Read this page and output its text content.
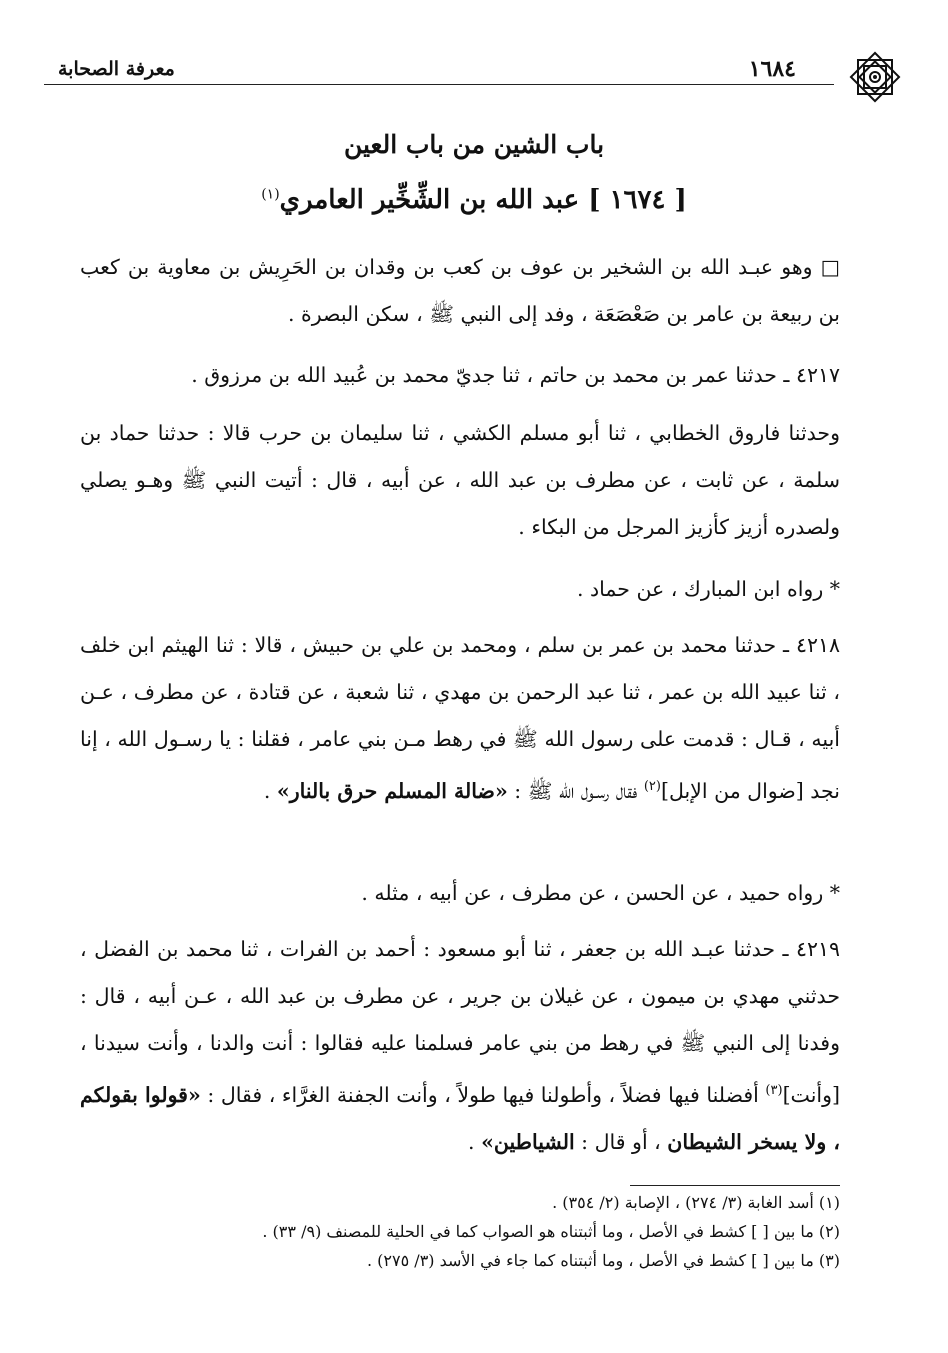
معرفة الصحابة	١٦٨٤
باب الشين من باب العين
[ ١٦٧٤ ] عبد الله بن الشِّخِّير العامري$^{(١)}$

□ وهو عبـد الله بن الشخير بن عوف بن كعب بن وقدان بن الحَرِيش بن معاوية بن كعب بن ربيعة بن عامر بن صَعْصَعَة ، وفد إلى النبي ﷺ ، سكن البصرة .

٤٢١٧ ـ حدثنا عمر بن محمد بن حاتم ، ثنا جديّ محمد بن عُبيد الله بن مرزوق .

وحدثنا فاروق الخطابي ، ثنا أبو مسلم الكشي ، ثنا سليمان بن حرب قالا : حدثنا حماد بن سلمة ، عن ثابت ، عن مطرف بن عبد الله ، عن أبيه ، قال : أتيت النبي ﷺ وهـو يصلي ولصدره أزيز كأزيز المرجل من البكاء .

* رواه ابن المبارك ، عن حماد .

٤٢١٨ ـ حدثنا محمد بن عمر بن سلم ، ومحمد بن علي بن حبيش ، قالا : ثنا الهيثم ابن خلف ، ثنا عبيد الله بن عمر ، ثنا عبد الرحمن بن مهدي ، ثنا شعبة ، عن قتادة ، عن مطرف ، عـن أبيه ، قـال : قدمت على رسول الله ﷺ في رهط مـن بني عامر ، فقلنا : يا رسـول الله ، إنا نجد [ضوال من الإبل]$^{(٢)}$ فقال رسـول الله ﷺ : «ضالة المسلم حرق بالنار» .

* رواه حميد ، عن الحسن ، عن مطرف ، عن أبيه ، مثله .

٤٢١٩ ـ حدثنا عبـد الله بن جعفر ، ثنا أبو مسعود : أحمد بن الفرات ، ثنا محمد بن الفضل ، حدثني مهدي بن ميمون ، عن غيلان بن جرير ، عن مطرف بن عبد الله ، عـن أبيه ، قال : وفدنا إلى النبي ﷺ في رهط من بني عامر فسلمنا عليه فقالوا : أنت والدنا ، وأنت سيدنا ، [وأنت]$^{(٣)}$ أفضلنا فيها فضلاً ، وأطولنا فيها طولاً ، وأنت الجفنة الغرَّاء ، فقال : «قولوا بقولكم ، ولا يسخر الشيطان ، أو قال : الشياطين» .

(١) أسد الغابة (٣/ ٢٧٤) ، الإصابة (٢/ ٣٥٤) .
(٢) ما بين [ ] كشط في الأصل ، وما أثبتناه هو الصواب كما في الحلية للمصنف (٩/ ٣٣) .
(٣) ما بين [ ] كشط في الأصل ، وما أثبتناه كما جاء في الأسد (٣/ ٢٧٥) .
